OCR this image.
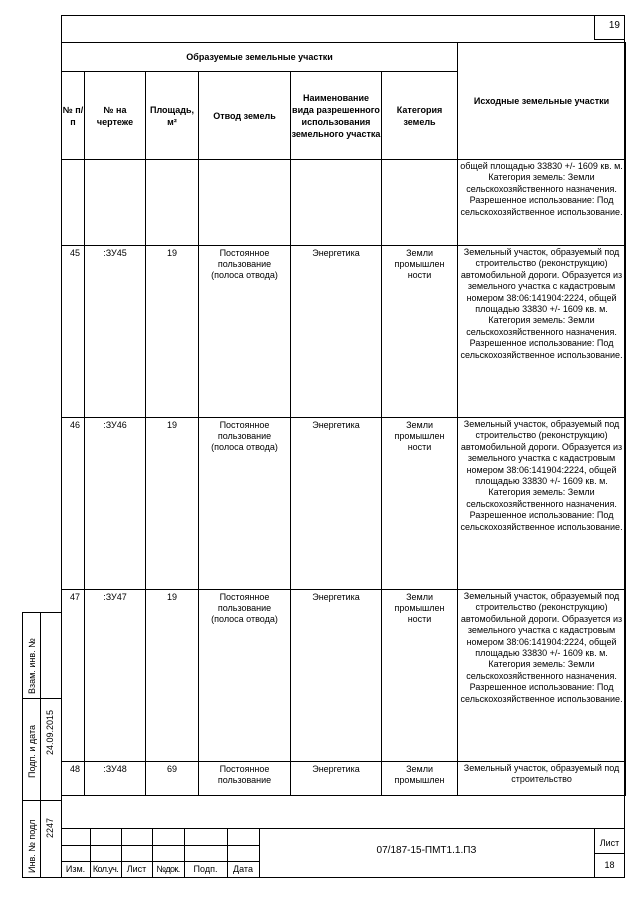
19
Образуемые земельные участки						Исходные земельные участки
№ п/п	№ на чертеже	Площадь, м²	Отвод земель	Наименование вида разрешенного использования земельного участка	Категория земель	
						общей площадью 33830 +/- 1609 кв. м. Категория земель: Земли сельскохозяйственного назначения. Разрешенное использование: Под сельскохозяйственное использование.
45	:ЗУ45	19	Постоянное пользование (полоса отвода)	Энергетика	Земли промышлен ности	Земельный участок, образуемый под строительство (реконструкцию) автомобильной дороги. Образуется из земельного участка с кадастровым номером 38:06:141904:2224, общей площадью 33830 +/- 1609 кв. м. Категория земель: Земли сельскохозяйственного назначения. Разрешенное использование: Под сельскохозяйственное использование.
46	:ЗУ46	19	Постоянное пользование (полоса отвода)	Энергетика	Земли промышлен ности	Земельный участок, образуемый под строительство (реконструкцию) автомобильной дороги. Образуется из земельного участка с кадастровым номером 38:06:141904:2224, общей площадью 33830 +/- 1609 кв. м. Категория земель: Земли сельскохозяйственного назначения. Разрешенное использование: Под сельскохозяйственное использование.
47	:ЗУ47	19	Постоянное пользование (полоса отвода)	Энергетика	Земли промышлен ности	Земельный участок, образуемый под строительство (реконструкцию) автомобильной дороги. Образуется из земельного участка с кадастровым номером 38:06:141904:2224, общей площадью 33830 +/- 1609 кв. м. Категория земель: Земли сельскохозяйственного назначения. Разрешенное использование: Под сельскохозяйственное использование.
48	:ЗУ48	69	Постоянное пользование	Энергетика	Земли промышлен	Земельный участок, образуемый под строительство
Взам. инв. №
Подп. и дата 24.09.2015
Инв. № подл 2247
Изм. Кол.уч. Лист	№док.	Подп.	Дата
07/187-15-ПМТ1.1.ПЗ
Лист
18
